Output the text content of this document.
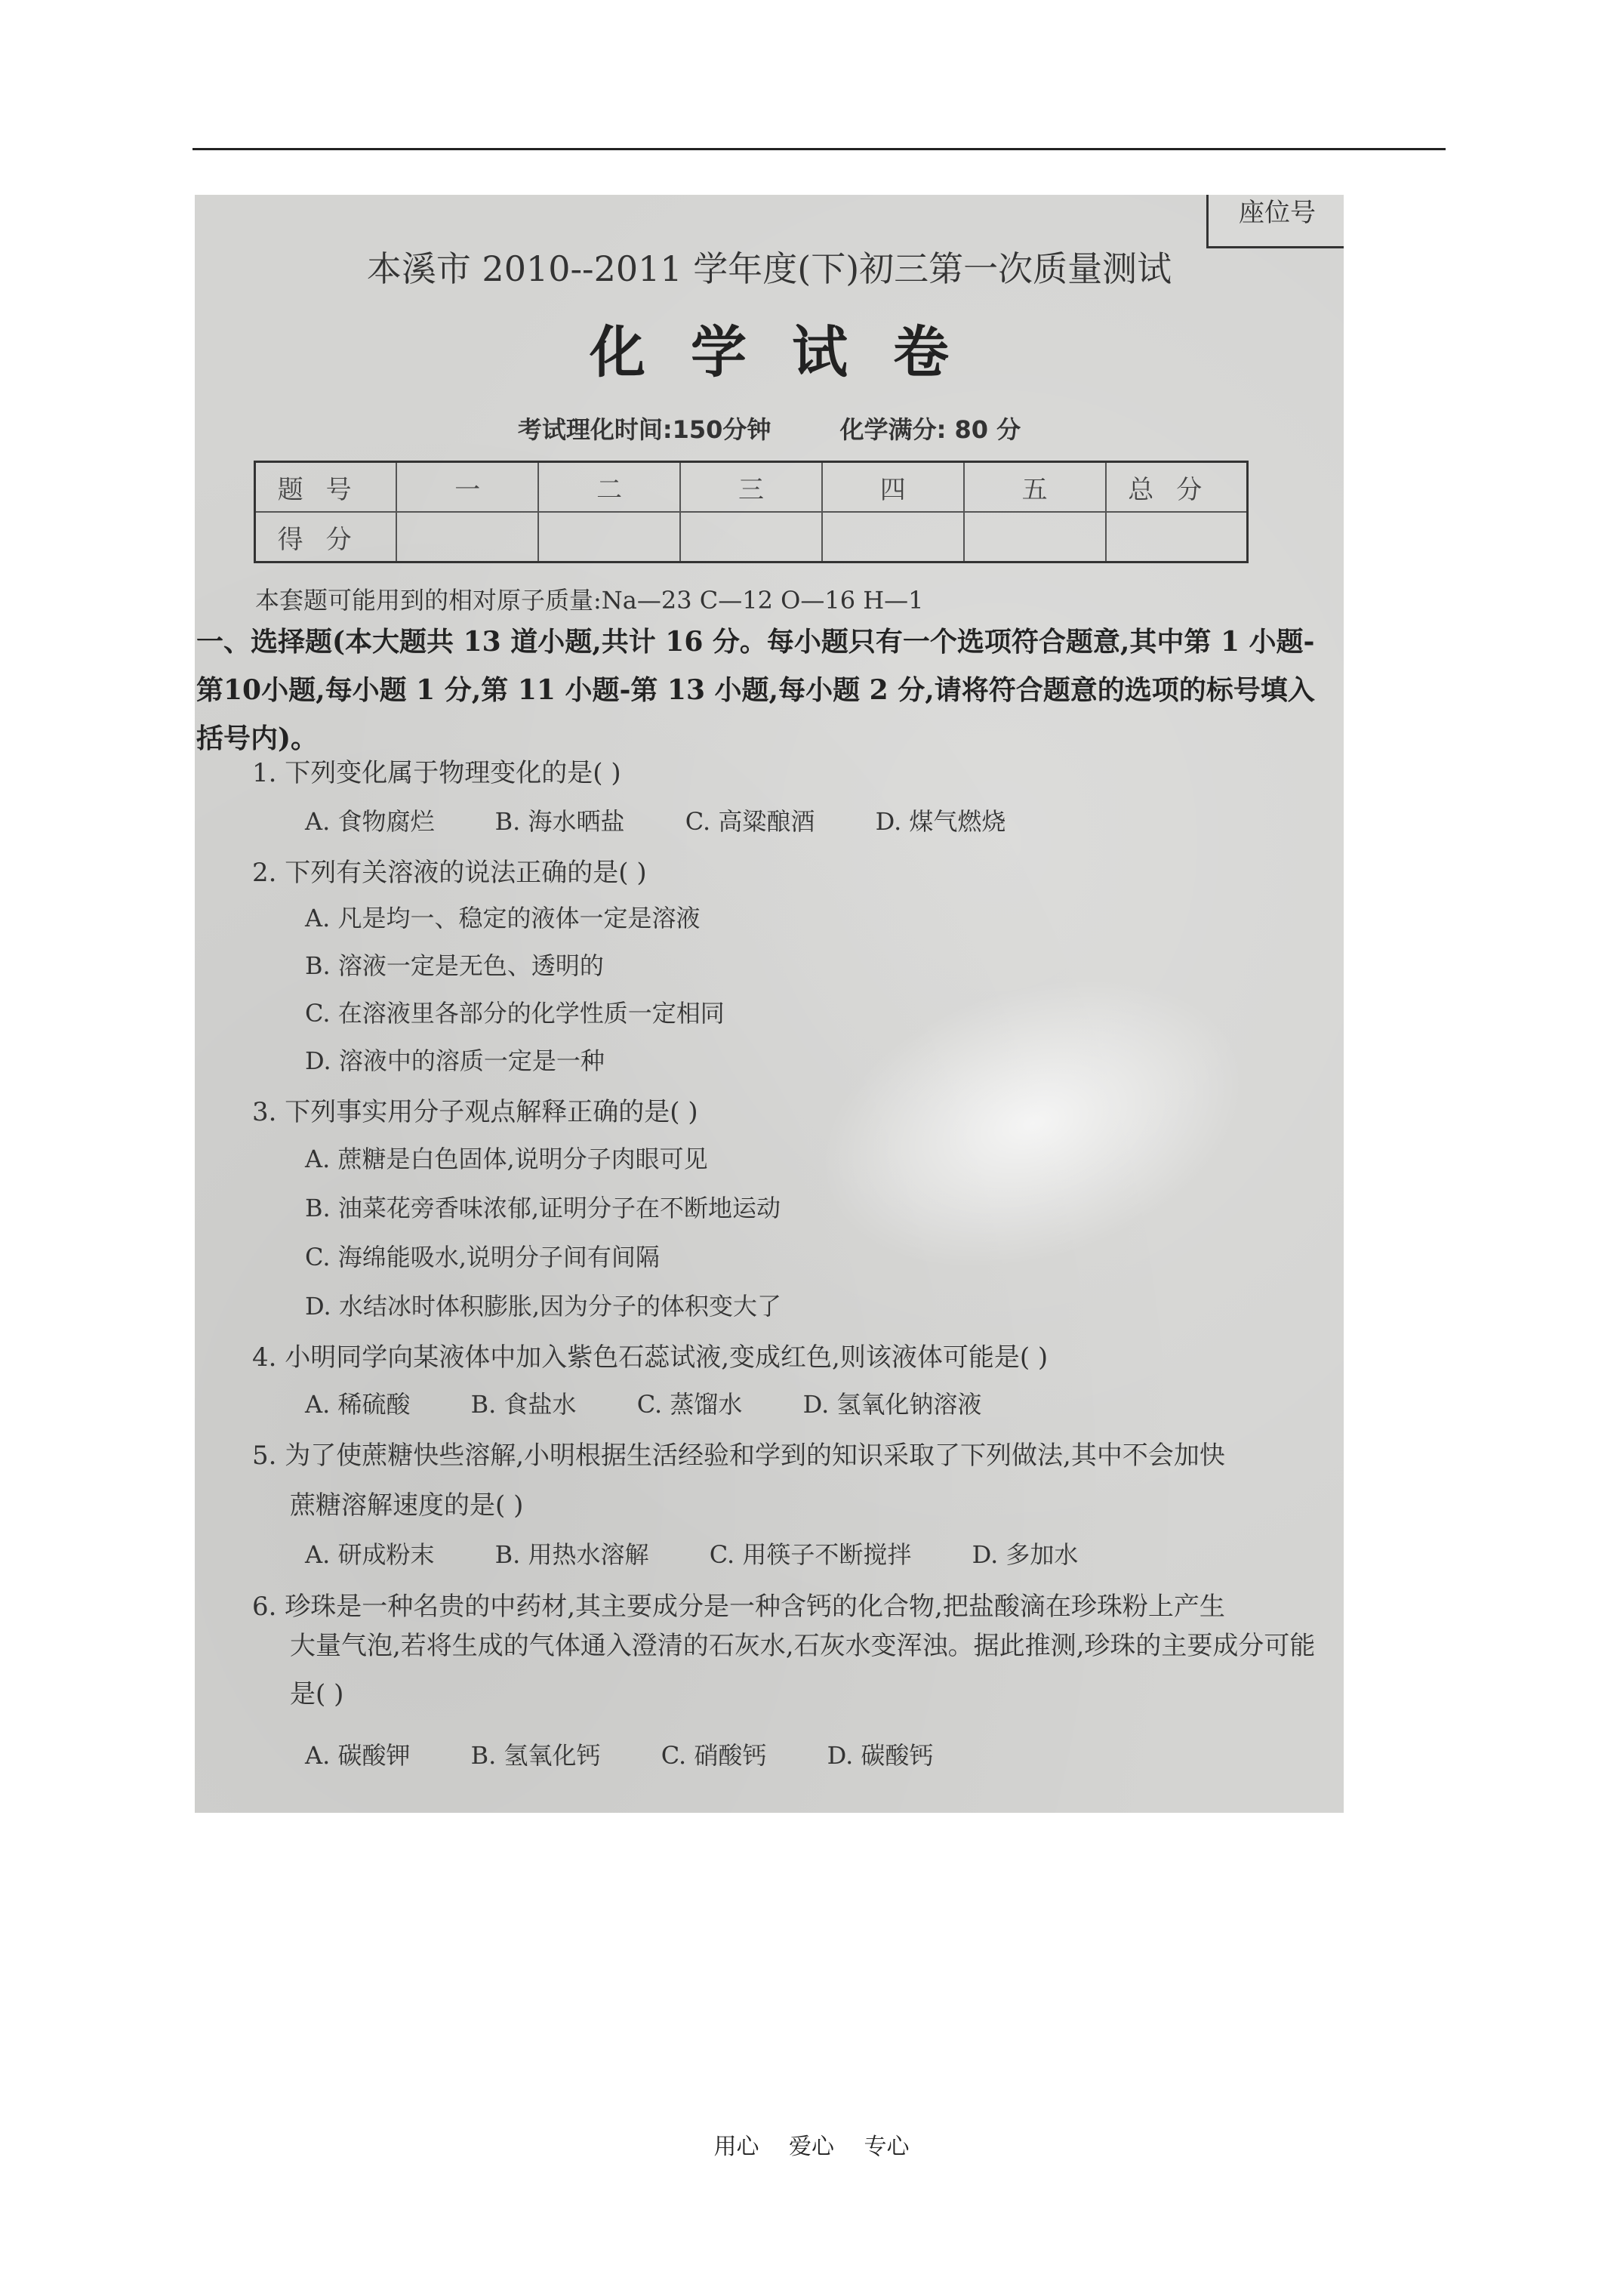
座位号
本溪市 2010--2011 学年度(下)初三第一次质量测试
化学试卷
考试理化时间:150分钟	化学满分: 80 分
题号	一	二	三	四	五	总分
得分						
本套题可能用到的相对原子质量:Na—23 C—12 O—16 H—1
一、选择题(本大题共 13 道小题,共计 16 分。每小题只有一个选项符合题意,其中第 1 小题-第10小题,每小题 1 分,第 11 小题-第 13 小题,每小题 2 分,请将符合题意的选项的标号填入括号内)。
1. 下列变化属于物理变化的是( )
A. 食物腐烂	B. 海水晒盐	C. 高粱酿酒	D. 煤气燃烧
2. 下列有关溶液的说法正确的是( )
A. 凡是均一、稳定的液体一定是溶液
B. 溶液一定是无色、透明的
C. 在溶液里各部分的化学性质一定相同
D. 溶液中的溶质一定是一种
3. 下列事实用分子观点解释正确的是( )
A. 蔗糖是白色固体,说明分子肉眼可见
B. 油菜花旁香味浓郁,证明分子在不断地运动
C. 海绵能吸水,说明分子间有间隔
D. 水结冰时体积膨胀,因为分子的体积变大了
4. 小明同学向某液体中加入紫色石蕊试液,变成红色,则该液体可能是( )
A. 稀硫酸	B. 食盐水	C. 蒸馏水	D. 氢氧化钠溶液
5. 为了使蔗糖快些溶解,小明根据生活经验和学到的知识采取了下列做法,其中不会加快
蔗糖溶解速度的是( )
A. 研成粉末	B. 用热水溶解	C. 用筷子不断搅拌	D. 多加水
6. 珍珠是一种名贵的中药材,其主要成分是一种含钙的化合物,把盐酸滴在珍珠粉上产生
大量气泡,若将生成的气体通入澄清的石灰水,石灰水变浑浊。据此推测,珍珠的主要成分可能是( )
A. 碳酸钾	B. 氢氧化钙	C. 硝酸钙	D. 碳酸钙
用心 爱心 专心
